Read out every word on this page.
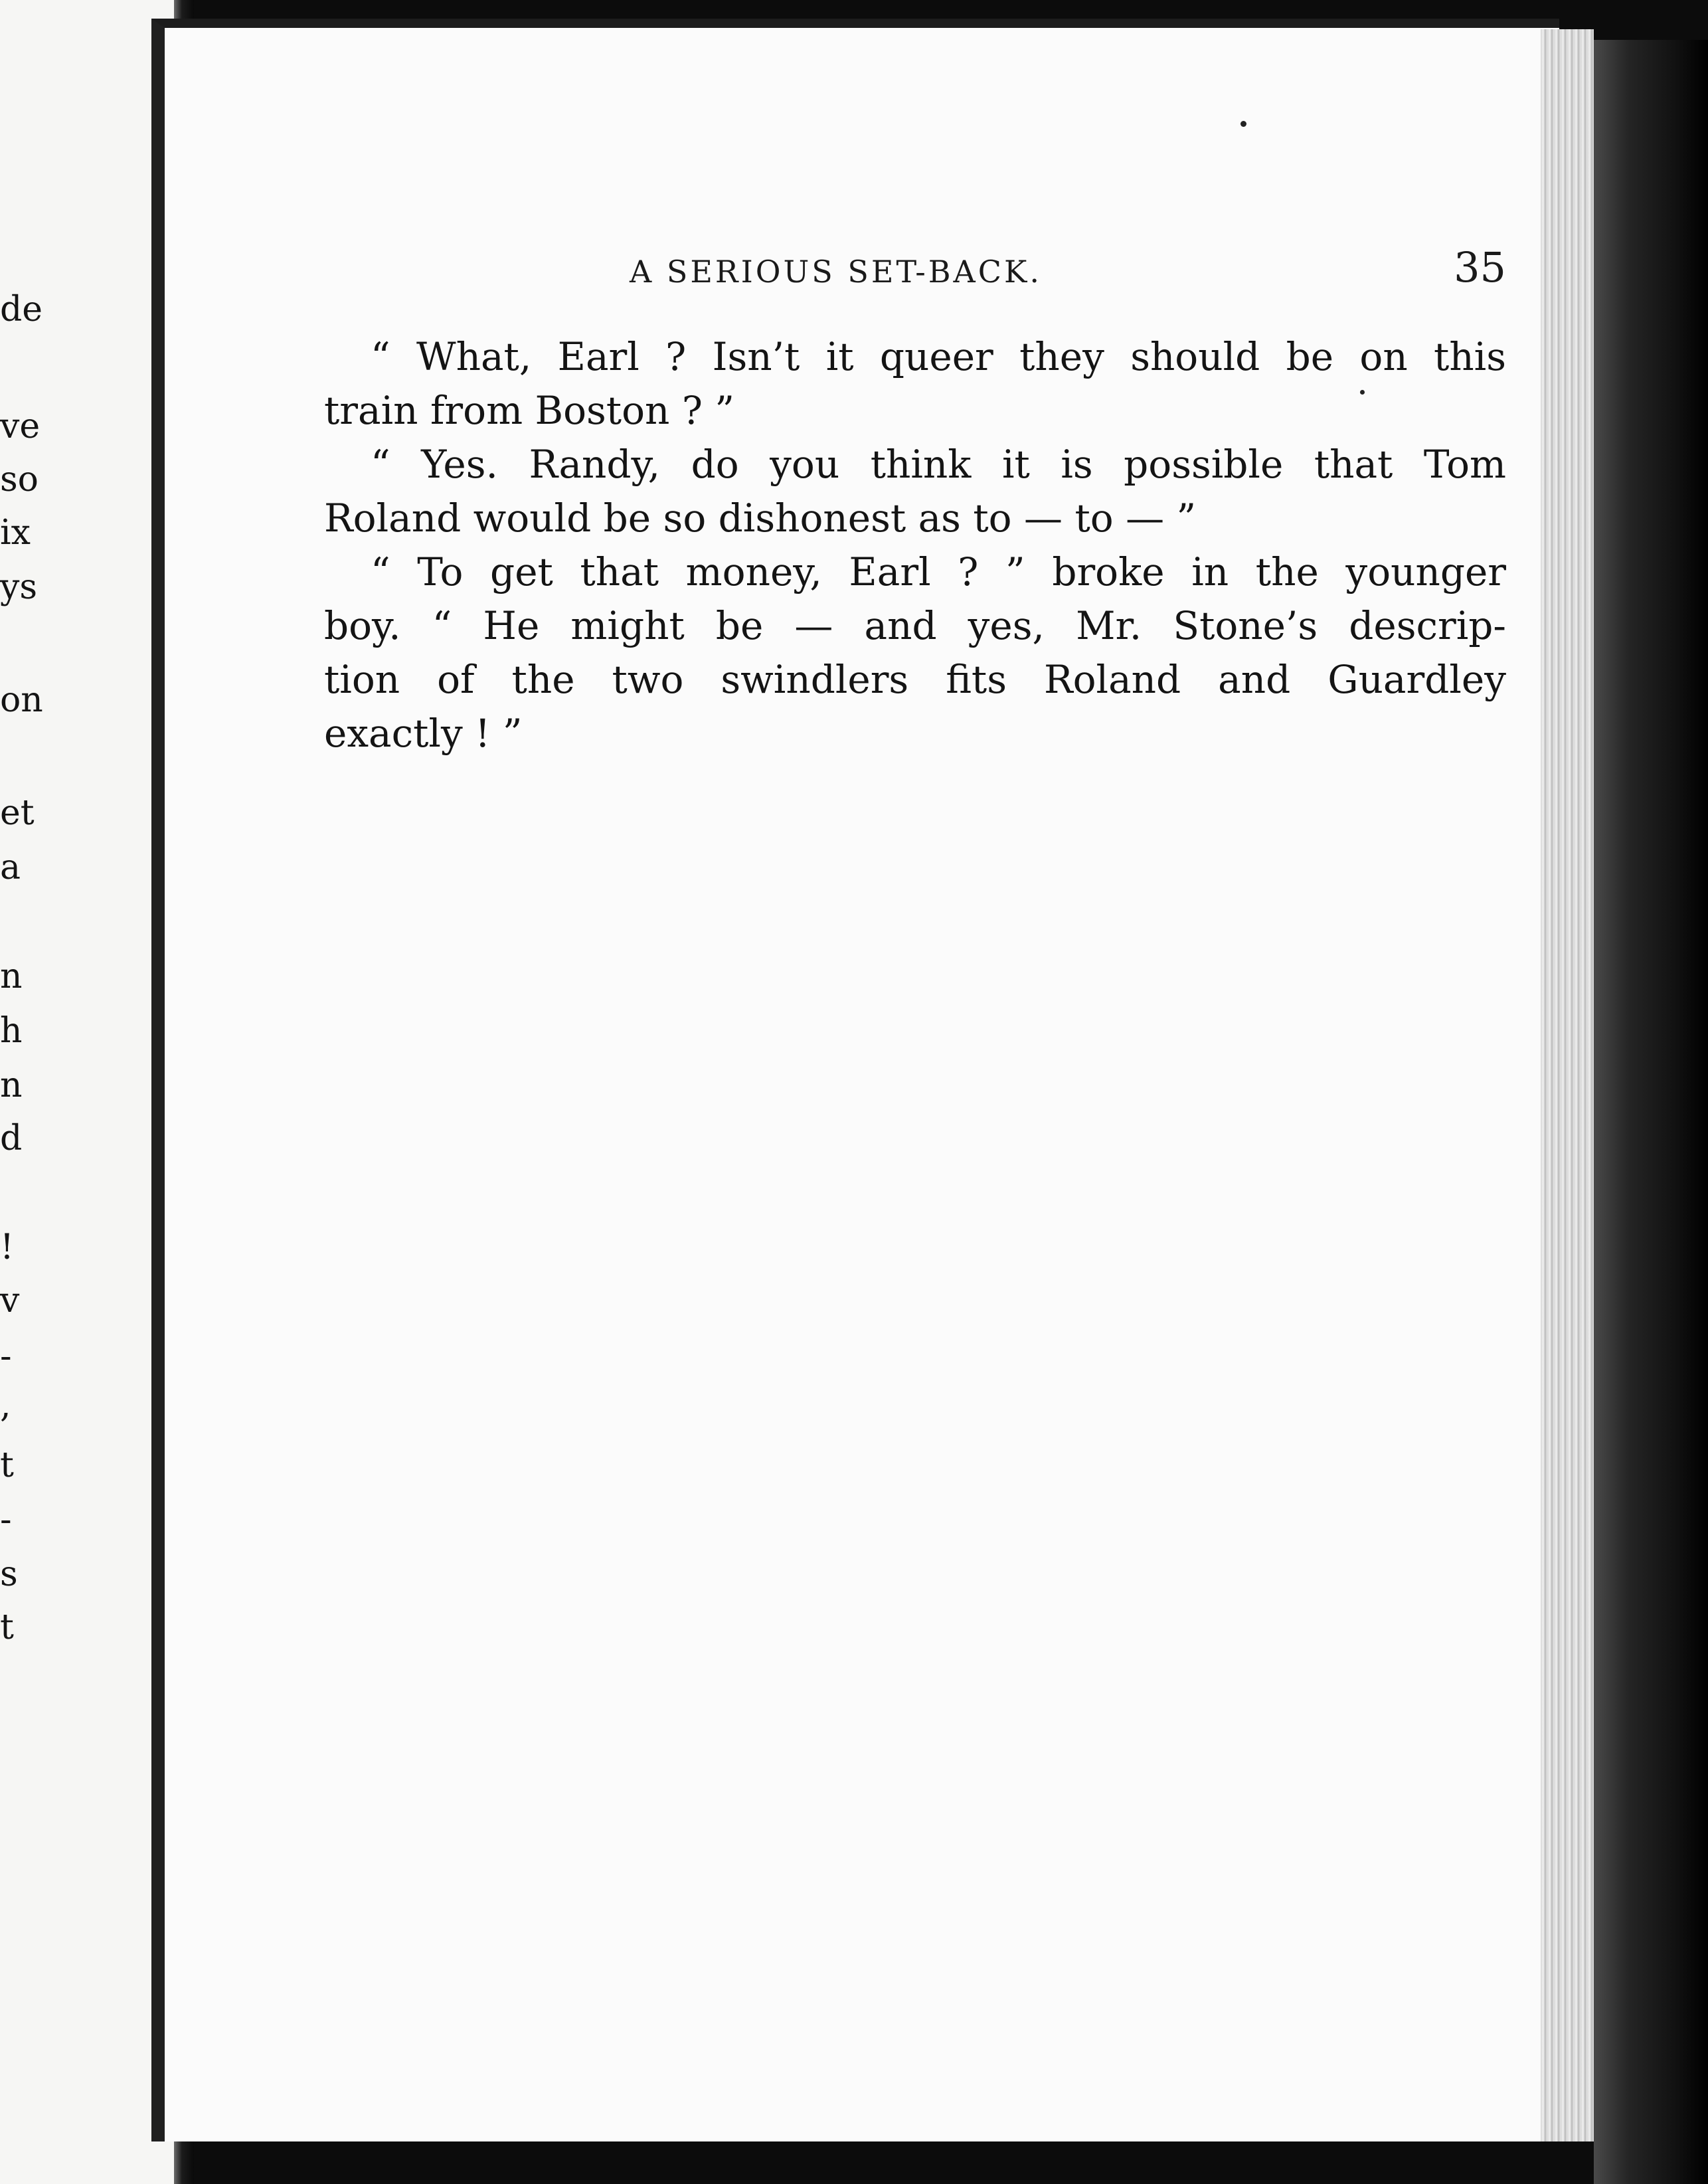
de

ve

so

ix

ys

on

et

a

n

h

n

d

!

v

-

,

t

-

s

t

A SERIOUS SET-BACK.	35

“ What, Earl ? Isn’t it queer they should be on this

train from Boston ? ”

“ Yes. Randy, do you think it is possible that Tom

Roland would be so dishonest as to — to — ”

“ To get that money, Earl ? ” broke in the younger

boy. “ He might be — and yes, Mr. Stone’s descrip-

tion of the two swindlers fits Roland and Guardley

exactly ! ”
